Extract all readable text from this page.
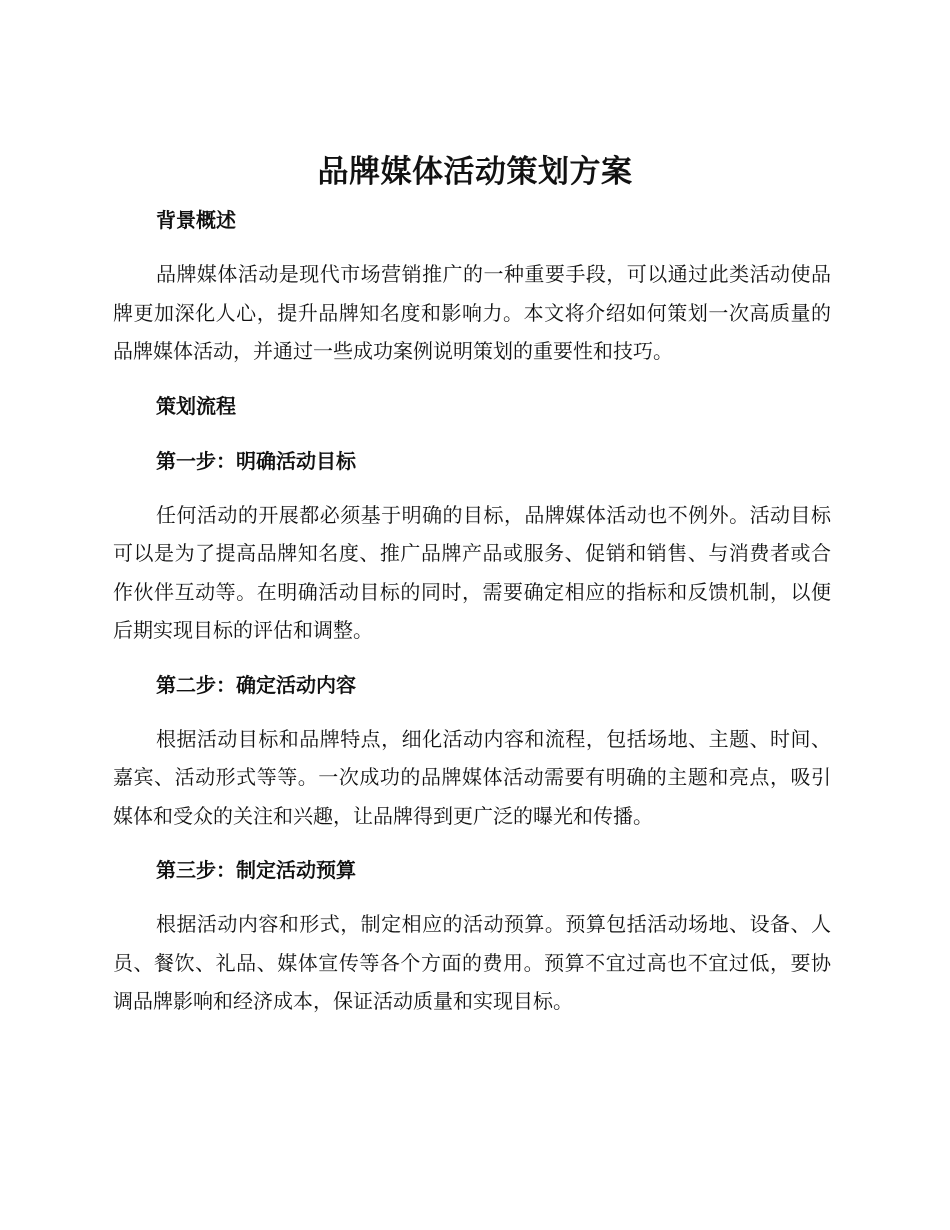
品牌媒体活动策划方案

背景概述

品牌媒体活动是现代市场营销推广的一种重要手段，可以通过此类活动使品牌更加深化人心，提升品牌知名度和影响力。本文将介绍如何策划一次高质量的品牌媒体活动，并通过一些成功案例说明策划的重要性和技巧。

策划流程

第一步：明确活动目标

任何活动的开展都必须基于明确的目标，品牌媒体活动也不例外。活动目标可以是为了提高品牌知名度、推广品牌产品或服务、促销和销售、与消费者或合作伙伴互动等。在明确活动目标的同时，需要确定相应的指标和反馈机制，以便后期实现目标的评估和调整。

第二步：确定活动内容

根据活动目标和品牌特点，细化活动内容和流程，包括场地、主题、时间、嘉宾、活动形式等等。一次成功的品牌媒体活动需要有明确的主题和亮点，吸引媒体和受众的关注和兴趣，让品牌得到更广泛的曝光和传播。

第三步：制定活动预算

根据活动内容和形式，制定相应的活动预算。预算包括活动场地、设备、人员、餐饮、礼品、媒体宣传等各个方面的费用。预算不宜过高也不宜过低，要协调品牌影响和经济成本，保证活动质量和实现目标。
